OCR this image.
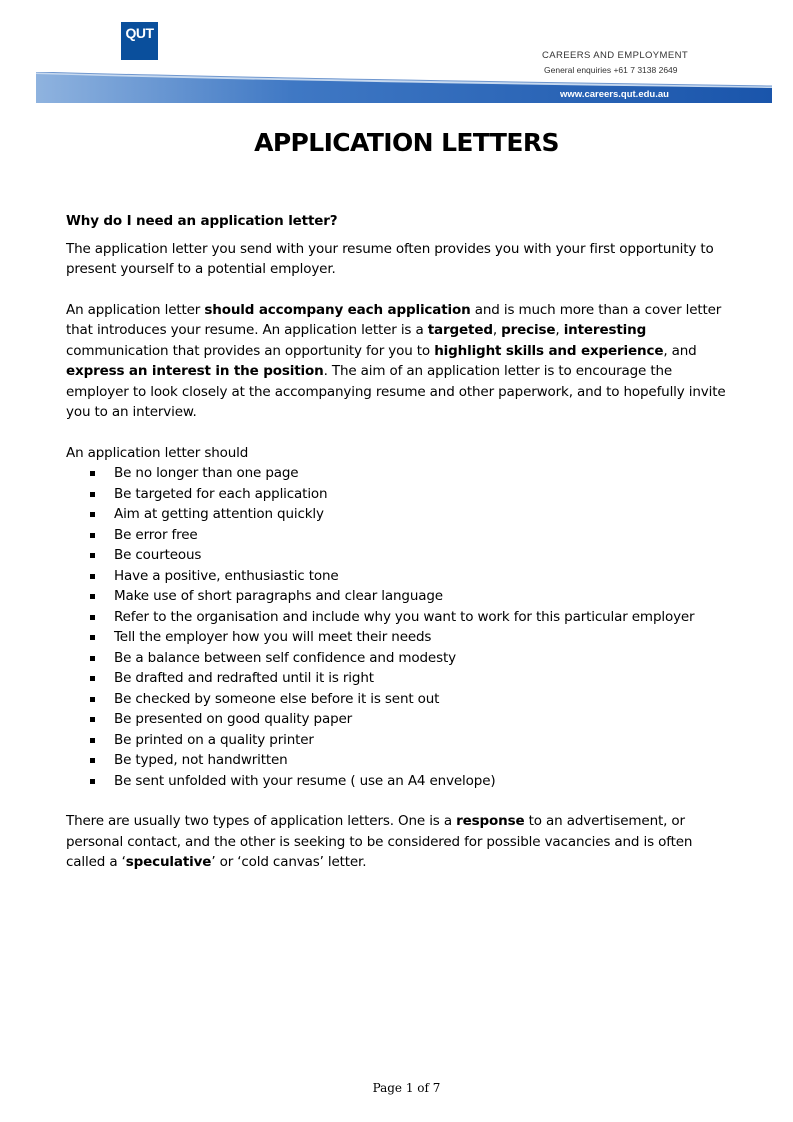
QUT
CAREERS AND EMPLOYMENT
General enquiries +61 7 3138 2649
www.careers.qut.edu.au
APPLICATION LETTERS

Why do I need an application letter?

The application letter you send with your resume often provides you with your first opportunity to present yourself to a potential employer.

An application letter should accompany each application and is much more than a cover letter that introduces your resume. An application letter is a targeted, precise, interesting communication that provides an opportunity for you to highlight skills and experience, and express an interest in the position. The aim of an application letter is to encourage the employer to look closely at the accompanying resume and other paperwork, and to hopefully invite you to an interview.

An application letter should

Be no longer than one page
Be targeted for each application
Aim at getting attention quickly
Be error free
Be courteous
Have a positive, enthusiastic tone
Make use of short paragraphs and clear language
Refer to the organisation and include why you want to work for this particular employer
Tell the employer how you will meet their needs
Be a balance between self confidence and modesty
Be drafted and redrafted until it is right
Be checked by someone else before it is sent out
Be presented on good quality paper
Be printed on a quality printer
Be typed, not handwritten
Be sent unfolded with your resume ( use an A4 envelope)

There are usually two types of application letters. One is a response to an advertisement, or personal contact, and the other is seeking to be considered for possible vacancies and is often called a ‘speculative’ or ‘cold canvas’ letter.

Page 1 of 7
